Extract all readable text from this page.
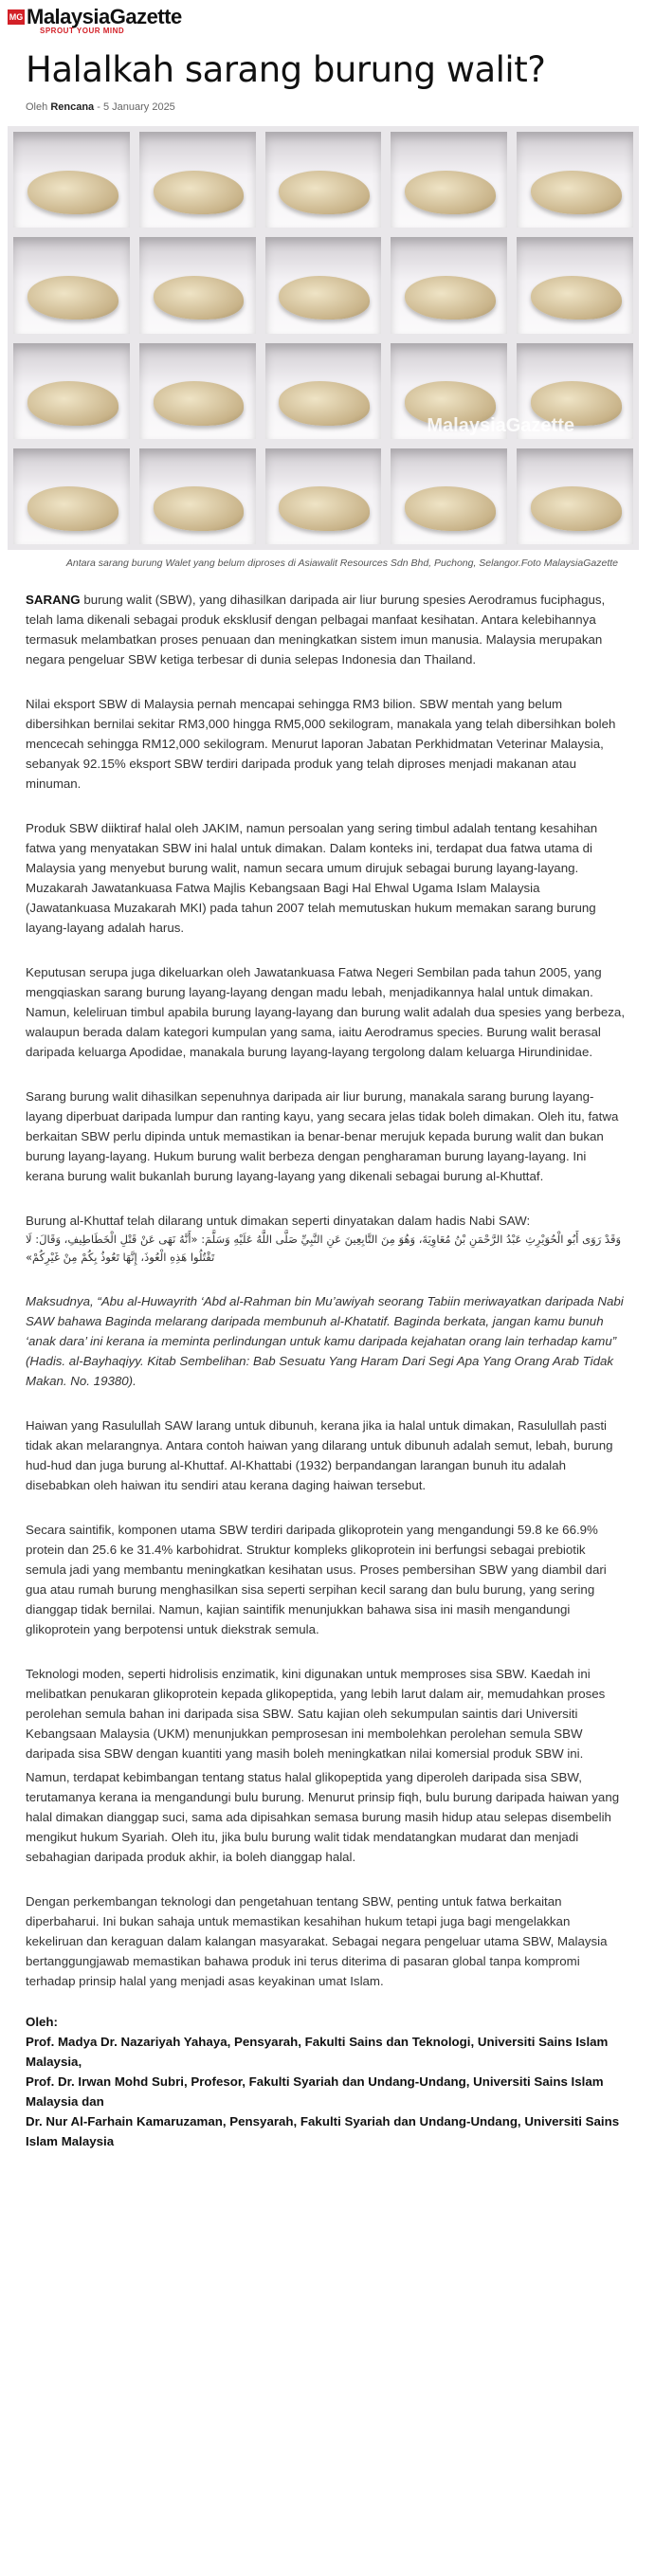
MG MalaysiaGazette
SPROUT YOUR MIND
Halalkah sarang burung walit?
Oleh Rencana - 5 January 2025
MalaysiaGazette
Antara sarang burung Walet yang belum diproses di Asiawalit Resources Sdn Bhd, Puchong, Selangor.Foto MalaysiaGazette

SARANG burung walit (SBW), yang dihasilkan daripada air liur burung spesies Aerodramus fuciphagus, telah lama dikenali sebagai produk eksklusif dengan pelbagai manfaat kesihatan. Antara kelebihannya termasuk melambatkan proses penuaan dan meningkatkan sistem imun manusia. Malaysia merupakan negara pengeluar SBW ketiga terbesar di dunia selepas Indonesia dan Thailand.

Nilai eksport SBW di Malaysia pernah mencapai sehingga RM3 bilion. SBW mentah yang belum dibersihkan bernilai sekitar RM3,000 hingga RM5,000 sekilogram, manakala yang telah dibersihkan boleh mencecah sehingga RM12,000 sekilogram. Menurut laporan Jabatan Perkhidmatan Veterinar Malaysia, sebanyak 92.15% eksport SBW terdiri daripada produk yang telah diproses menjadi makanan atau minuman.

Produk SBW diiktiraf halal oleh JAKIM, namun persoalan yang sering timbul adalah tentang kesahihan fatwa yang menyatakan SBW ini halal untuk dimakan. Dalam konteks ini, terdapat dua fatwa utama di Malaysia yang menyebut burung walit, namun secara umum dirujuk sebagai burung layang-layang. Muzakarah Jawatankuasa Fatwa Majlis Kebangsaan Bagi Hal Ehwal Ugama Islam Malaysia (Jawatankuasa Muzakarah MKI) pada tahun 2007 telah memutuskan hukum memakan sarang burung layang-layang adalah harus.

Keputusan serupa juga dikeluarkan oleh Jawatankuasa Fatwa Negeri Sembilan pada tahun 2005, yang mengqiaskan sarang burung layang-layang dengan madu lebah, menjadikannya halal untuk dimakan. Namun, keleliruan timbul apabila burung layang-layang dan burung walit adalah dua spesies yang berbeza, walaupun berada dalam kategori kumpulan yang sama, iaitu Aerodramus species. Burung walit berasal daripada keluarga Apodidae, manakala burung layang-layang tergolong dalam keluarga Hirundinidae.

Sarang burung walit dihasilkan sepenuhnya daripada air liur burung, manakala sarang burung layang-layang diperbuat daripada lumpur dan ranting kayu, yang secara jelas tidak boleh dimakan. Oleh itu, fatwa berkaitan SBW perlu dipinda untuk memastikan ia benar-benar merujuk kepada burung walit dan bukan burung layang-layang. Hukum burung walit berbeza dengan pengharaman burung layang-layang. Ini kerana burung walit bukanlah burung layang-layang yang dikenali sebagai burung al-Khuttaf.

Burung al-Khuttaf telah dilarang untuk dimakan seperti dinyatakan dalam hadis Nabi SAW:

وَقَدْ رَوَى أَبُو الْحُوَيْرِثِ عَبْدُ الرَّحْمَنِ بْنُ مُعَاوِيَةَ، وَهُوَ مِنَ التَّابِعِينَ عَنِ النَّبِيِّ صَلَّى اللَّهُ عَلَيْهِ وَسَلَّمَ: «أَنَّهُ نَهَى عَنْ قَتْلِ الْخَطَاطِيفِ، وَقَالَ: لَا تَقْتُلُوا هَذِهِ الْعُوذَ، إِنَّهَا تَعُوذُ بِكُمْ مِنْ غَيْرِكُمْ»

Maksudnya, “Abu al-Huwayrith ‘Abd al-Rahman bin Mu’awiyah seorang Tabiin meriwayatkan daripada Nabi SAW bahawa Baginda melarang daripada membunuh al-Khatatif. Baginda berkata, jangan kamu bunuh ‘anak dara’ ini kerana ia meminta perlindungan untuk kamu daripada kejahatan orang lain terhadap kamu” (Hadis. al-Bayhaqiyy. Kitab Sembelihan: Bab Sesuatu Yang Haram Dari Segi Apa Yang Orang Arab Tidak Makan. No. 19380).

Haiwan yang Rasulullah SAW larang untuk dibunuh, kerana jika ia halal untuk dimakan, Rasulullah pasti tidak akan melarangnya. Antara contoh haiwan yang dilarang untuk dibunuh adalah semut, lebah, burung hud-hud dan juga burung al-Khuttaf. Al-Khattabi (1932) berpandangan larangan bunuh itu adalah disebabkan oleh haiwan itu sendiri atau kerana daging haiwan tersebut.

Secara saintifik, komponen utama SBW terdiri daripada glikoprotein yang mengandungi 59.8 ke 66.9% protein dan 25.6 ke 31.4% karbohidrat. Struktur kompleks glikoprotein ini berfungsi sebagai prebiotik semula jadi yang membantu meningkatkan kesihatan usus. Proses pembersihan SBW yang diambil dari gua atau rumah burung menghasilkan sisa seperti serpihan kecil sarang dan bulu burung, yang sering dianggap tidak bernilai. Namun, kajian saintifik menunjukkan bahawa sisa ini masih mengandungi glikoprotein yang berpotensi untuk diekstrak semula.

Teknologi moden, seperti hidrolisis enzimatik, kini digunakan untuk memproses sisa SBW. Kaedah ini melibatkan penukaran glikoprotein kepada glikopeptida, yang lebih larut dalam air, memudahkan proses perolehan semula bahan ini daripada sisa SBW. Satu kajian oleh sekumpulan saintis dari Universiti Kebangsaan Malaysia (UKM) menunjukkan pemprosesan ini membolehkan perolehan semula SBW daripada sisa SBW dengan kuantiti yang masih boleh meningkatkan nilai komersial produk SBW ini.

Namun, terdapat kebimbangan tentang status halal glikopeptida yang diperoleh daripada sisa SBW, terutamanya kerana ia mengandungi bulu burung. Menurut prinsip fiqh, bulu burung daripada haiwan yang halal dimakan dianggap suci, sama ada dipisahkan semasa burung masih hidup atau selepas disembelih mengikut hukum Syariah. Oleh itu, jika bulu burung walit tidak mendatangkan mudarat dan menjadi sebahagian daripada produk akhir, ia boleh dianggap halal.

Dengan perkembangan teknologi dan pengetahuan tentang SBW, penting untuk fatwa berkaitan diperbaharui. Ini bukan sahaja untuk memastikan kesahihan hukum tetapi juga bagi mengelakkan kekeliruan dan keraguan dalam kalangan masyarakat. Sebagai negara pengeluar utama SBW, Malaysia bertanggungjawab memastikan bahawa produk ini terus diterima di pasaran global tanpa kompromi terhadap prinsip halal yang menjadi asas keyakinan umat Islam.

Oleh:
Prof. Madya Dr. Nazariyah Yahaya, Pensyarah, Fakulti Sains dan Teknologi, Universiti Sains Islam Malaysia,
Prof. Dr. Irwan Mohd Subri, Profesor, Fakulti Syariah dan Undang-Undang, Universiti Sains Islam Malaysia dan
Dr. Nur Al-Farhain Kamaruzaman, Pensyarah, Fakulti Syariah dan Undang-Undang, Universiti Sains Islam Malaysia
